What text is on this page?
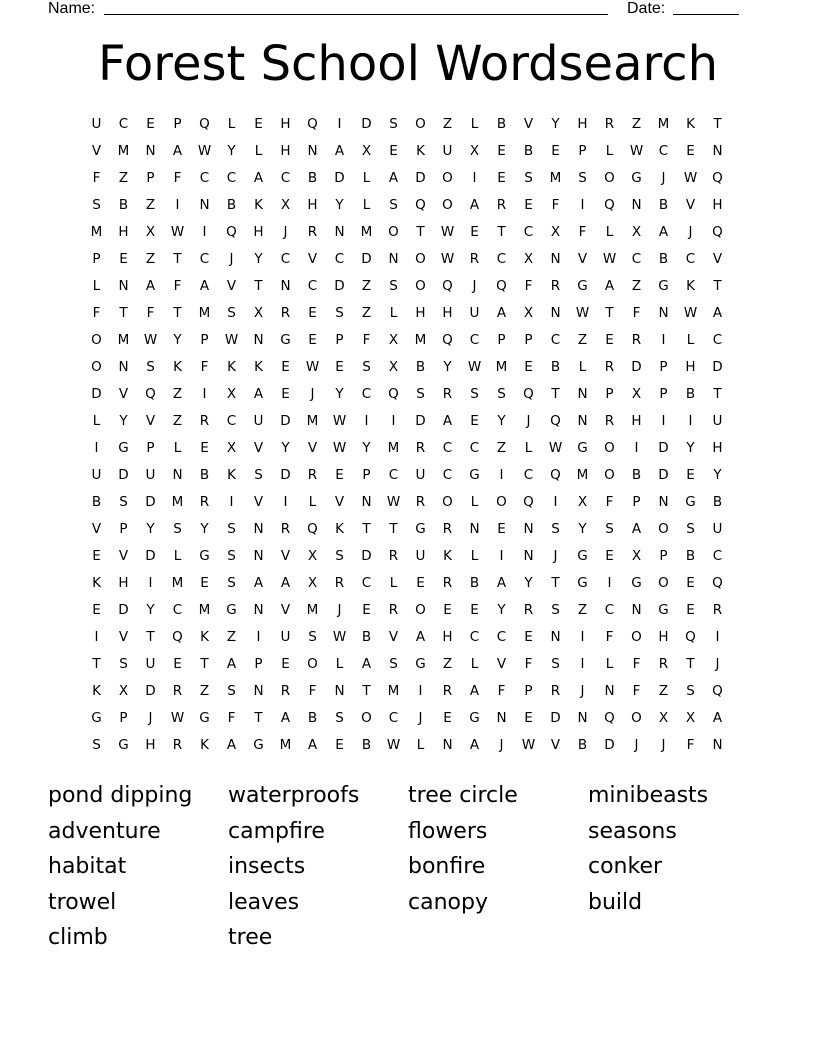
Name:	Date:
Forest School Wordsearch
U	C	E	P	Q	L	E	H	Q	I	D	S	O	Z	L	B	V	Y	H	R	Z	M	K	T
V	M	N	A	W	Y	L	H	N	A	X	E	K	U	X	E	B	E	P	L	W	C	E	N
F	Z	P	F	C	C	A	C	B	D	L	A	D	O	I	E	S	M	S	O	G	J	W	Q
S	B	Z	I	N	B	K	X	H	Y	L	S	Q	O	A	R	E	F	I	Q	N	B	V	H
M	H	X	W	I	Q	H	J	R	N	M	O	T	W	E	T	C	X	F	L	X	A	J	Q
P	E	Z	T	C	J	Y	C	V	C	D	N	O	W	R	C	X	N	V	W	C	B	C	V
L	N	A	F	A	V	T	N	C	D	Z	S	O	Q	J	Q	F	R	G	A	Z	G	K	T
F	T	F	T	M	S	X	R	E	S	Z	L	H	H	U	A	X	N	W	T	F	N	W	A
O	M	W	Y	P	W	N	G	E	P	F	X	M	Q	C	P	P	C	Z	E	R	I	L	C
O	N	S	K	F	K	K	E	W	E	S	X	B	Y	W	M	E	B	L	R	D	P	H	D
D	V	Q	Z	I	X	A	E	J	Y	C	Q	S	R	S	S	Q	T	N	P	X	P	B	T
L	Y	V	Z	R	C	U	D	M	W	I	I	D	A	E	Y	J	Q	N	R	H	I	I	U
I	G	P	L	E	X	V	Y	V	W	Y	M	R	C	C	Z	L	W	G	O	I	D	Y	H
U	D	U	N	B	K	S	D	R	E	P	C	U	C	G	I	C	Q	M	O	B	D	E	Y
B	S	D	M	R	I	V	I	L	V	N	W	R	O	L	O	Q	I	X	F	P	N	G	B
V	P	Y	S	Y	S	N	R	Q	K	T	T	G	R	N	E	N	S	Y	S	A	O	S	U
E	V	D	L	G	S	N	V	X	S	D	R	U	K	L	I	N	J	G	E	X	P	B	C
K	H	I	M	E	S	A	A	X	R	C	L	E	R	B	A	Y	T	G	I	G	O	E	Q
E	D	Y	C	M	G	N	V	M	J	E	R	O	E	E	Y	R	S	Z	C	N	G	E	R
I	V	T	Q	K	Z	I	U	S	W	B	V	A	H	C	C	E	N	I	F	O	H	Q	I
T	S	U	E	T	A	P	E	O	L	A	S	G	Z	L	V	F	S	I	L	F	R	T	J
K	X	D	R	Z	S	N	R	F	N	T	M	I	R	A	F	P	R	J	N	F	Z	S	Q
G	P	J	W	G	F	T	A	B	S	O	C	J	E	G	N	E	D	N	Q	O	X	X	A
S	G	H	R	K	A	G	M	A	E	B	W	L	N	A	J	W	V	B	D	J	J	F	N
pond dipping	waterproofs	tree circle	minibeasts
adventure	campfire	flowers	seasons
habitat	insects	bonfire	conker
trowel	leaves	canopy	build
climb	tree
